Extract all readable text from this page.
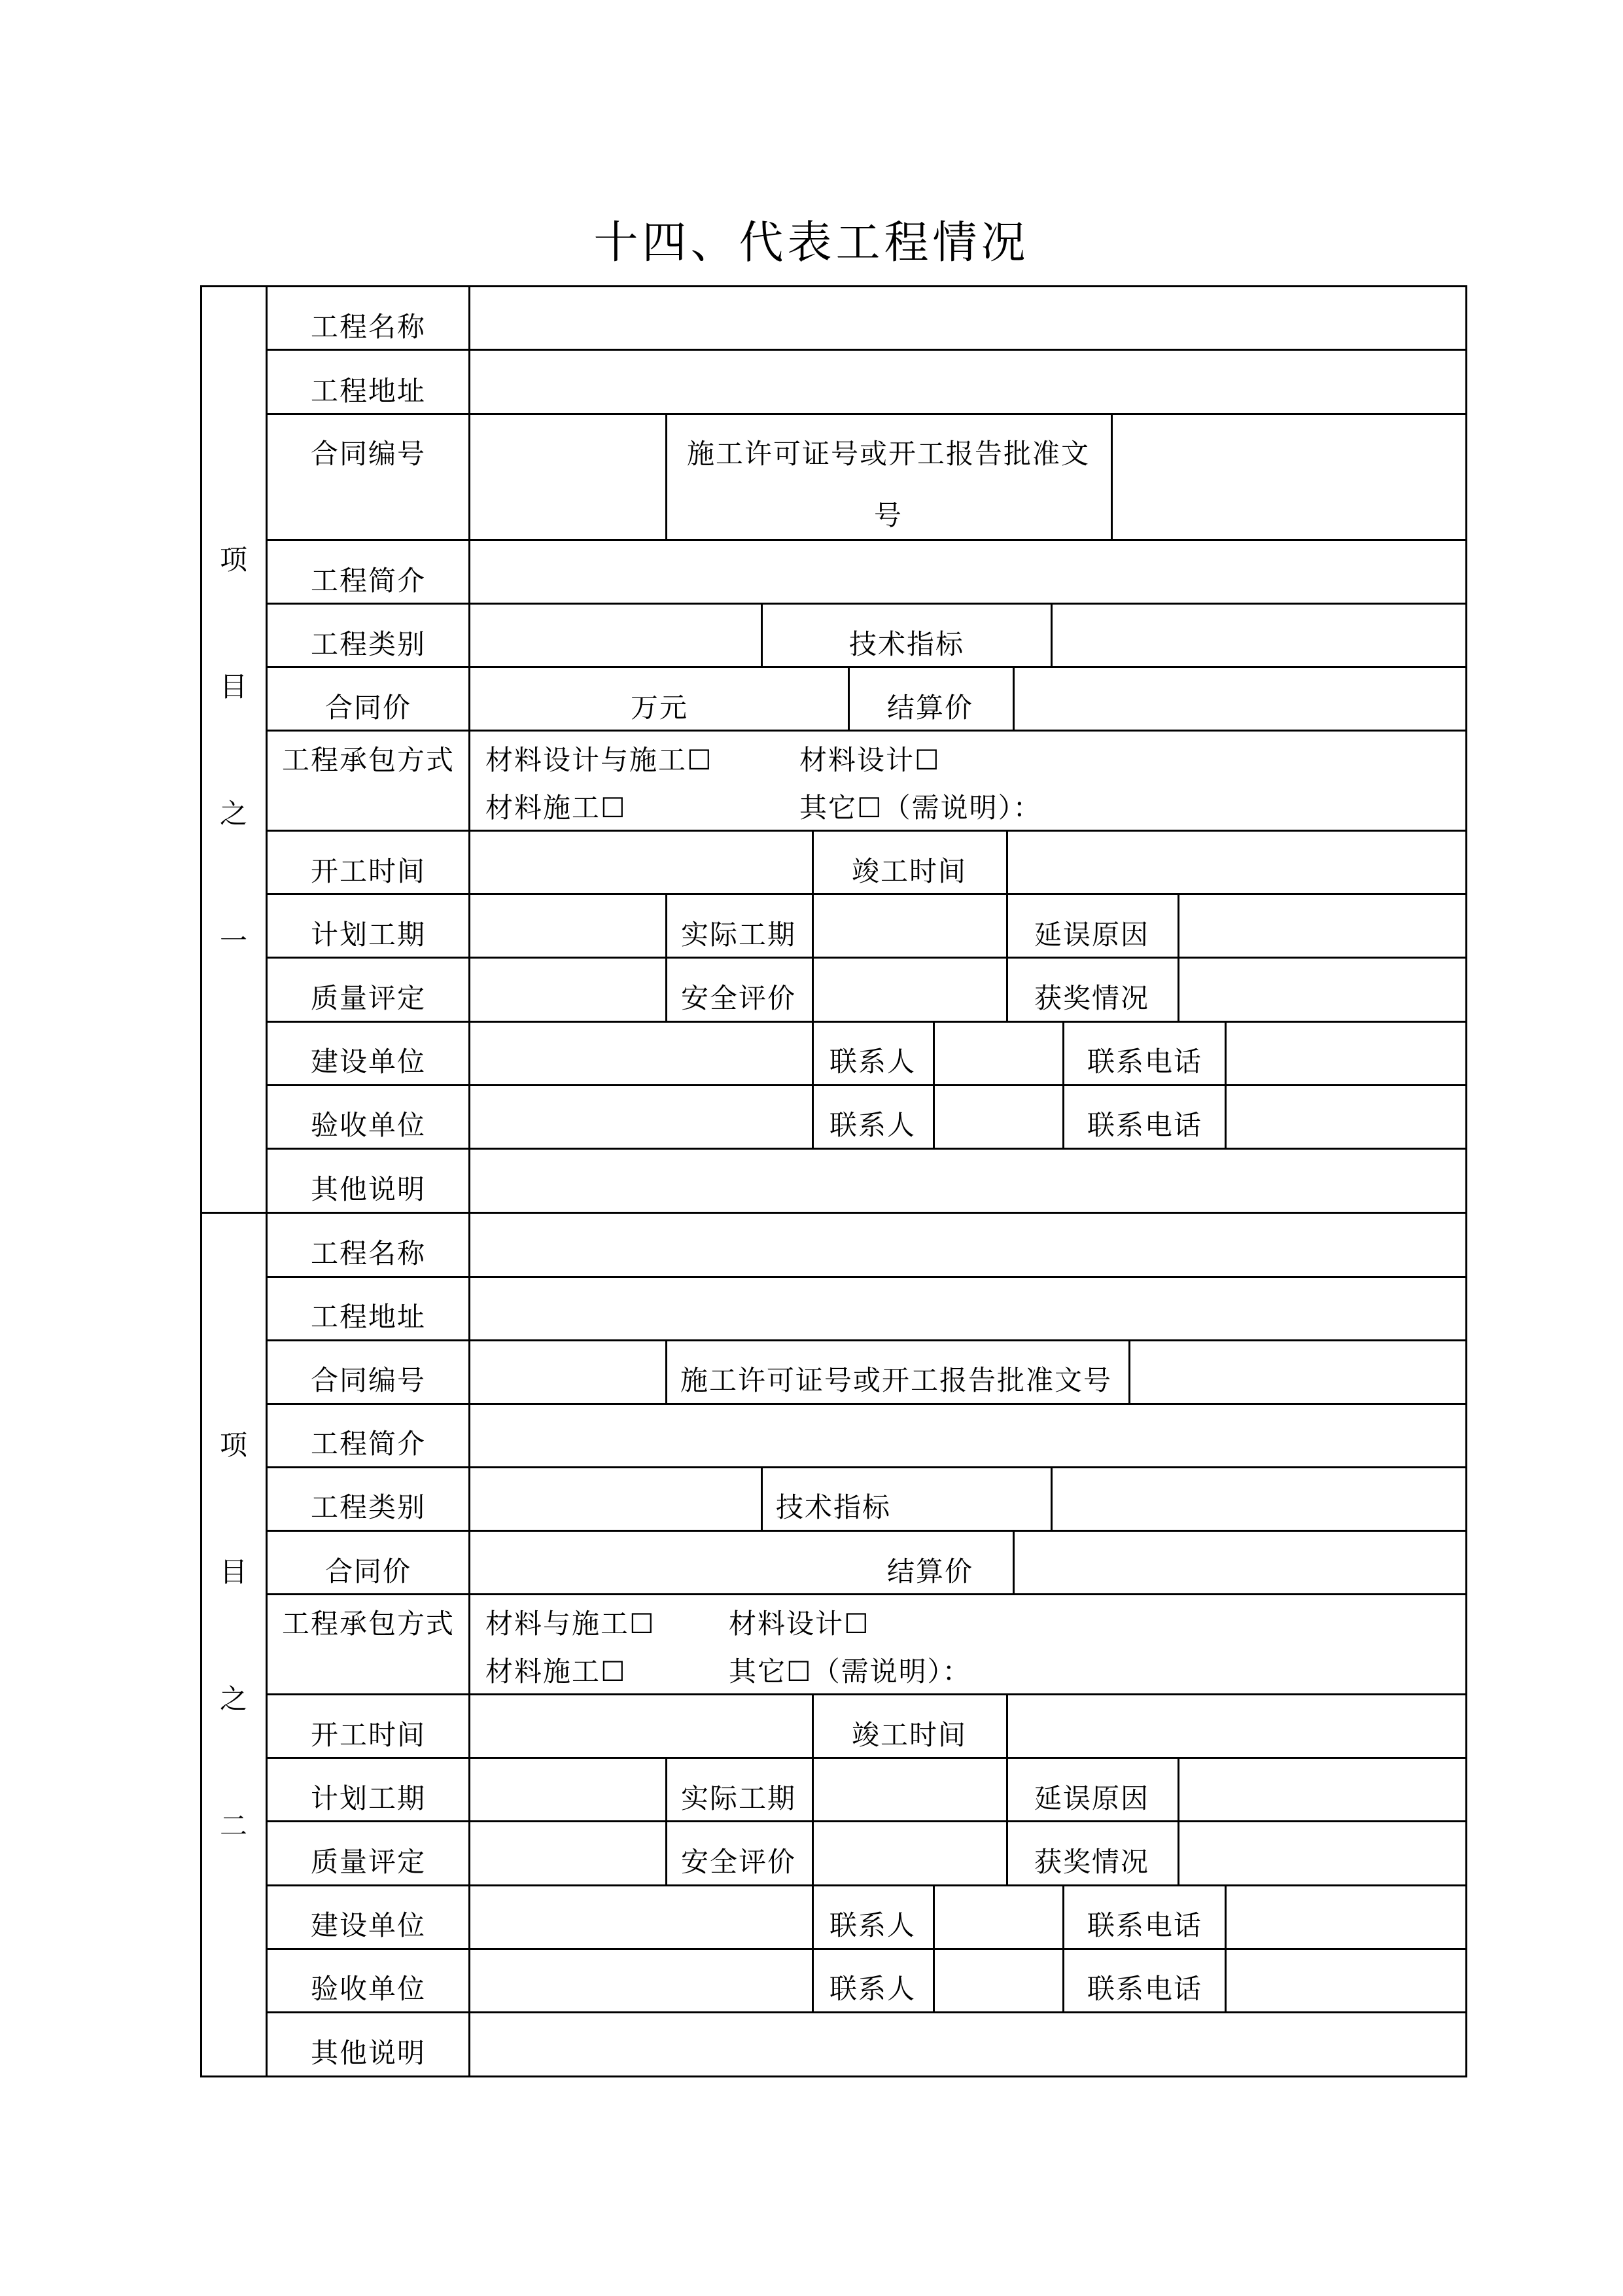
十四、代表工程情况
项
目
之
一
工程名称
工程地址
合同编号	施工许可证号或开工报告批准文
号
工程简介
工程类别	技术指标
合同价	万元	结算价
工程承包方式 材料设计与施工☐	材料设计☐
材料施工☐	其它☐（需说明）：
开工时间	竣工时间
计划工期	实际工期	延误原因
质量评定	安全评价	获奖情况
建设单位	联系人	联系电话
验收单位	联系人	联系电话
其他说明
项
目
之
二
工程名称
工程地址
合同编号	施工许可证号或开工报告批准文号
工程简介
工程类别	技术指标
合同价	结算价
工程承包方式 材料与施工☐	材料设计☐
材料施工☐	其它☐（需说明）：
开工时间	竣工时间
计划工期	实际工期	延误原因
质量评定	安全评价	获奖情况
建设单位	联系人	联系电话
验收单位	联系人	联系电话
其他说明
